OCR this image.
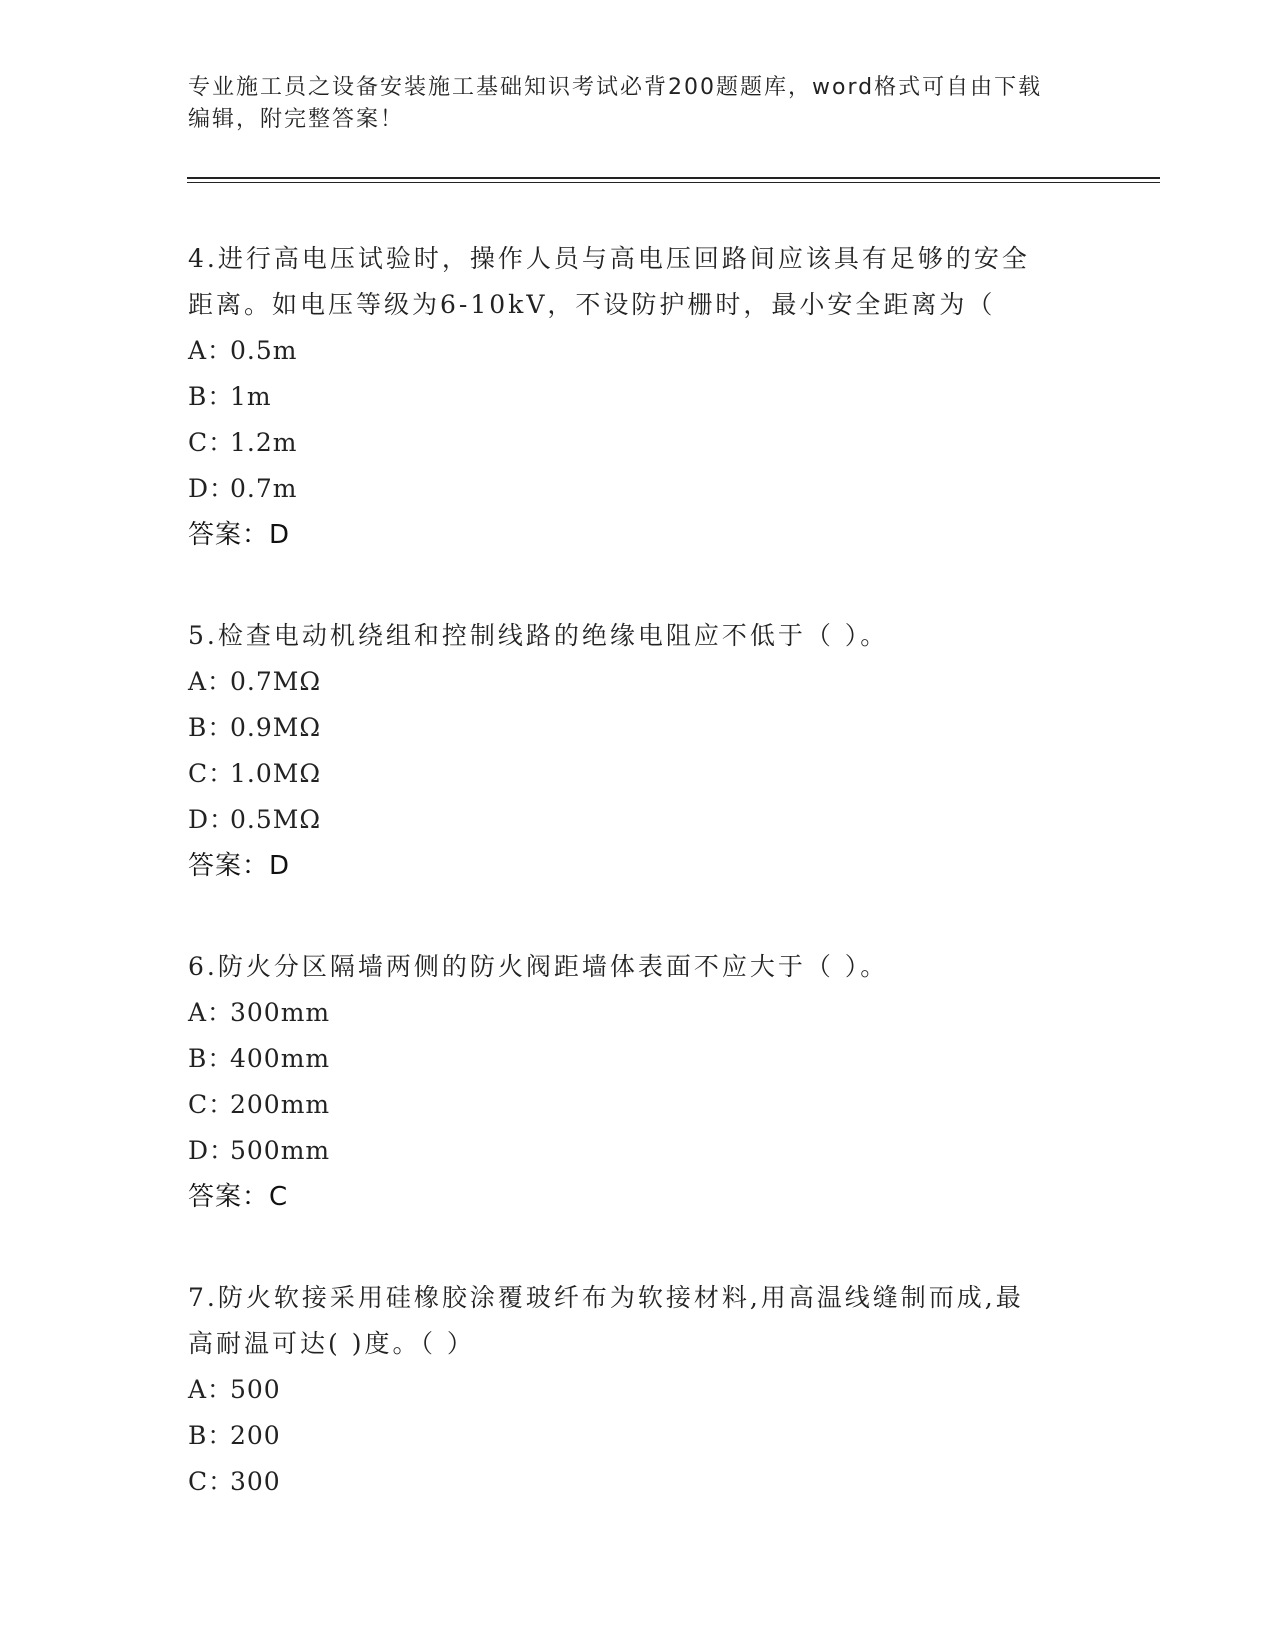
专业施工员之设备安装施工基础知识考试必背200题题库，word格式可自由下载
编辑，附完整答案！
4.进行高电压试验时，操作人员与高电压回路间应该具有足够的安全
距离。如电压等级为6-10kV，不设防护栅时，最小安全距离为（
A：0.5m
B：1m
C：1.2m
D：0.7m
答案：D
5.检查电动机绕组和控制线路的绝缘电阻应不低于（ ）。
A：0.7MΩ
B：0.9MΩ
C：1.0MΩ
D：0.5MΩ
答案：D
6.防火分区隔墙两侧的防火阀距墙体表面不应大于（ ）。
A：300mm
B：400mm
C：200mm
D：500mm
答案：C
7.防火软接采用硅橡胶涂覆玻纤布为软接材料,用高温线缝制而成,最
高耐温可达( )度。（ ）
A：500
B：200
C：300
